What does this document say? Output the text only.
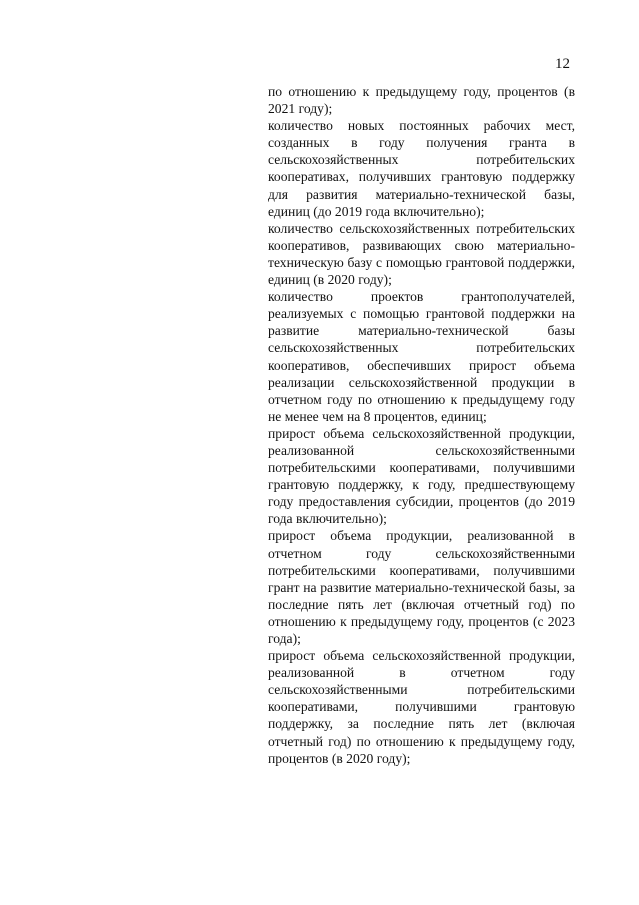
12

по отношению к предыдущему году, процентов (в 2021 году);

количество новых постоянных рабочих мест, созданных в году получения гранта в сельскохозяйственных потребительских кооперативах, получивших грантовую поддержку для развития материально-технической базы, единиц (до 2019 года включительно);

количество сельскохозяйственных потребительских кооперативов, развивающих свою материально-техническую базу с помощью грантовой поддержки, единиц (в 2020 году);

количество проектов грантополучателей, реализуемых с помощью грантовой поддержки на развитие материально-технической базы сельскохозяйственных потребительских кооперативов, обеспечивших прирост объема реализации сельскохозяйственной продукции в отчетном году по отношению к предыдущему году не менее чем на 8 процентов, единиц;

прирост объема сельскохозяйственной продукции, реализованной сельскохозяйственными потребительскими кооперативами, получившими грантовую поддержку, к году, предшествующему году предоставления субсидии, процентов (до 2019 года включительно);

прирост объема продукции, реализованной в отчетном году сельскохозяйственными потребительскими кооперативами, получившими грант на развитие материально-технической базы, за последние пять лет (включая отчетный год) по отношению к предыдущему году, процентов (с 2023 года);

прирост объема сельскохозяйственной продукции, реализованной в отчетном году сельскохозяйственными потребительскими кооперативами, получившими грантовую поддержку, за последние пять лет (включая отчетный год) по отношению к предыдущему году, процентов (в 2020 году);
